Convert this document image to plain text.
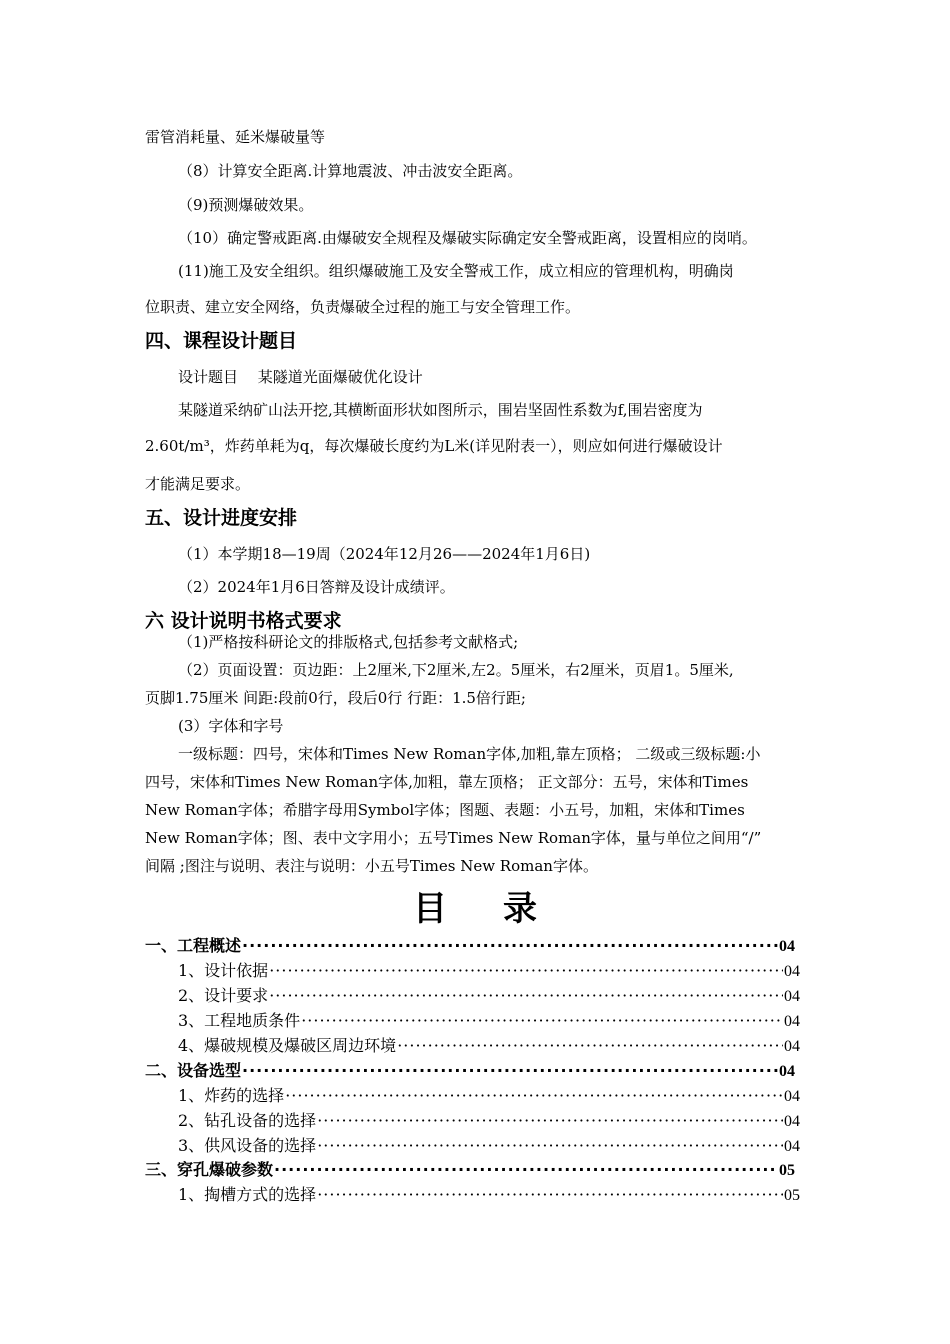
雷管消耗量、延米爆破量等
（8）计算安全距离.计算地震波、冲击波安全距离。
（9)预测爆破效果。
（10）确定警戒距离.由爆破安全规程及爆破实际确定安全警戒距离，设置相应的岗哨。
(11)施工及安全组织。组织爆破施工及安全警戒工作，成立相应的管理机构，明确岗
位职责、建立安全网络，负责爆破全过程的施工与安全管理工作。
四、课程设计题目
设计题目　 某隧道光面爆破优化设计
某隧道采纳矿山法开挖,其横断面形状如图所示，围岩坚固性系数为f,围岩密度为
2.60t/m³，炸药单耗为q，每次爆破长度约为L米(详见附表一），则应如何进行爆破设计
才能满足要求。
五、设计进度安排
（1）本学期18—19周（2024年12月26——2024年1月6日)
（2）2024年1月6日答辩及设计成绩评。
六 设计说明书格式要求
（1)严格按科研论文的排版格式,包括参考文献格式;
（2）页面设置：页边距：上2厘米,下2厘米,左2。5厘米，右2厘米，页眉1。5厘米,
页脚1.75厘米 间距:段前0行，段后0行 行距：1.5倍行距;
(3）字体和字号
一级标题：四号，宋体和Times New Roman字体,加粗,靠左顶格； 二级或三级标题:小
四号，宋体和Times New Roman字体,加粗，靠左顶格； 正文部分：五号，宋体和Times
New Roman字体；希腊字母用Symbol字体；图题、表题：小五号，加粗，宋体和Times
New Roman字体；图、表中文字用小；五号Times New Roman字体，量与单位之间用“/”
间隔 ;图注与说明、表注与说明：小五号Times New Roman字体。
目 录
一、工程概述 ·····	04
1、设计依据 ·····	04
2、设计要求 ·····	04
3、工程地质条件 ·····	04
4、爆破规模及爆破区周边环境 ·····	04
二、设备选型 ·····	04
1、炸药的选择 ·····	04
2、钻孔设备的选择 ·····	04
3、供风设备的选择 ·····	04
三、穿孔爆破参数 ·····	05
1、掏槽方式的选择 ·····	05
